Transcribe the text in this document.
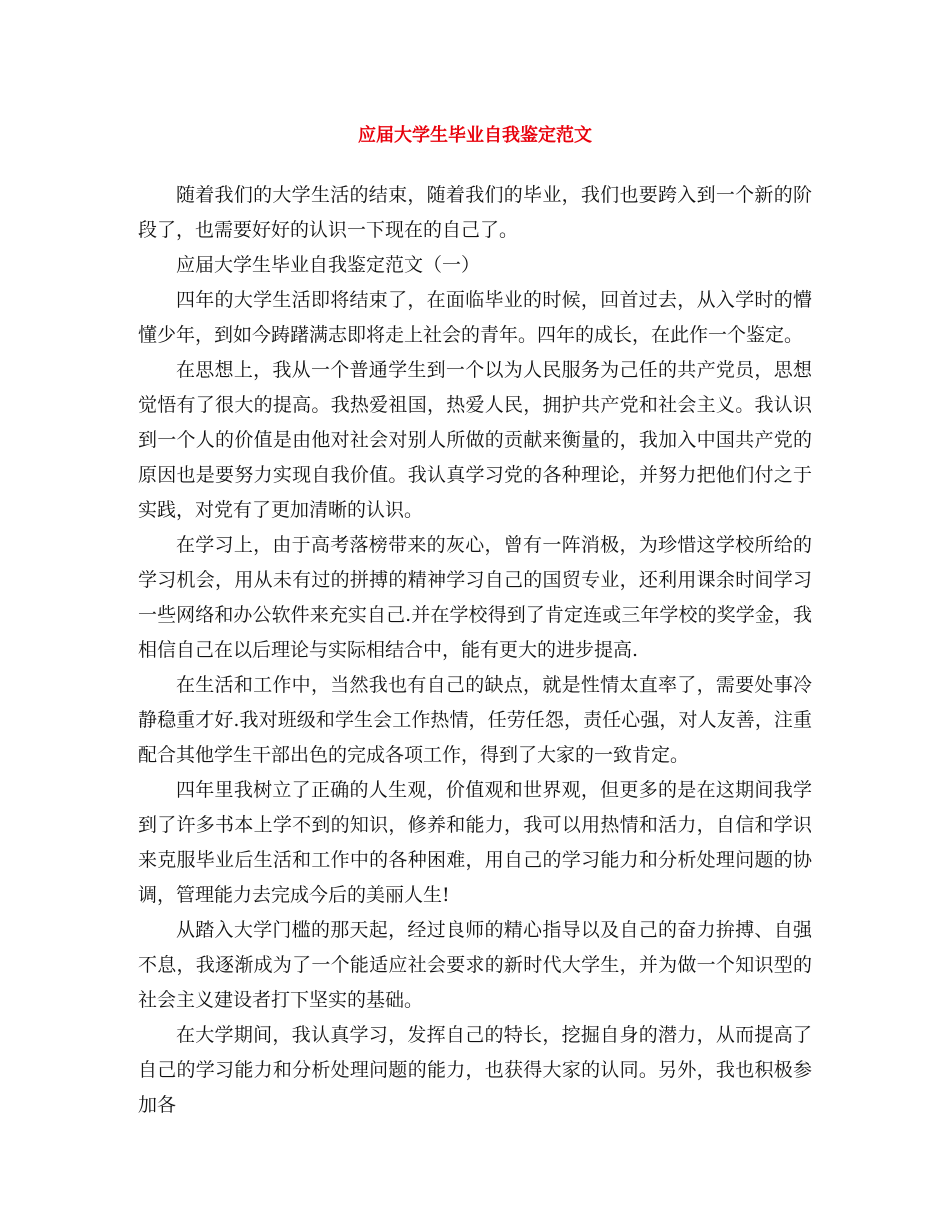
应届大学生毕业自我鉴定范文

随着我们的大学生活的结束，随着我们的毕业，我们也要跨入到一个新的阶段了，也需要好好的认识一下现在的自己了。

应届大学生毕业自我鉴定范文（一）

四年的大学生活即将结束了，在面临毕业的时候，回首过去，从入学时的懵懂少年，到如今踌躇满志即将走上社会的青年。四年的成长，在此作一个鉴定。

在思想上，我从一个普通学生到一个以为人民服务为己任的共产党员，思想觉悟有了很大的提高。我热爱祖国，热爱人民，拥护共产党和社会主义。我认识到一个人的价值是由他对社会对别人所做的贡献来衡量的，我加入中国共产党的原因也是要努力实现自我价值。我认真学习党的各种理论，并努力把他们付之于实践，对党有了更加清晰的认识。

在学习上，由于高考落榜带来的灰心，曾有一阵消极，为珍惜这学校所给的学习机会，用从未有过的拼搏的精神学习自己的国贸专业，还利用课余时间学习一些网络和办公软件来充实自己.并在学校得到了肯定连或三年学校的奖学金，我相信自己在以后理论与实际相结合中，能有更大的进步提高.

在生活和工作中，当然我也有自己的缺点，就是性情太直率了，需要处事冷静稳重才好.我对班级和学生会工作热情，任劳任怨，责任心强，对人友善，注重配合其他学生干部出色的完成各项工作，得到了大家的一致肯定。

四年里我树立了正确的人生观，价值观和世界观，但更多的是在这期间我学到了许多书本上学不到的知识，修养和能力，我可以用热情和活力，自信和学识来克服毕业后生活和工作中的各种困难，用自己的学习能力和分析处理问题的协调，管理能力去完成今后的美丽人生!

从踏入大学门槛的那天起，经过良师的精心指导以及自己的奋力拚搏、自强不息，我逐渐成为了一个能适应社会要求的新时代大学生，并为做一个知识型的社会主义建设者打下坚实的基础。

在大学期间，我认真学习，发挥自己的特长，挖掘自身的潜力，从而提高了自己的学习能力和分析处理问题的能力，也获得大家的认同。另外，我也积极参加各
